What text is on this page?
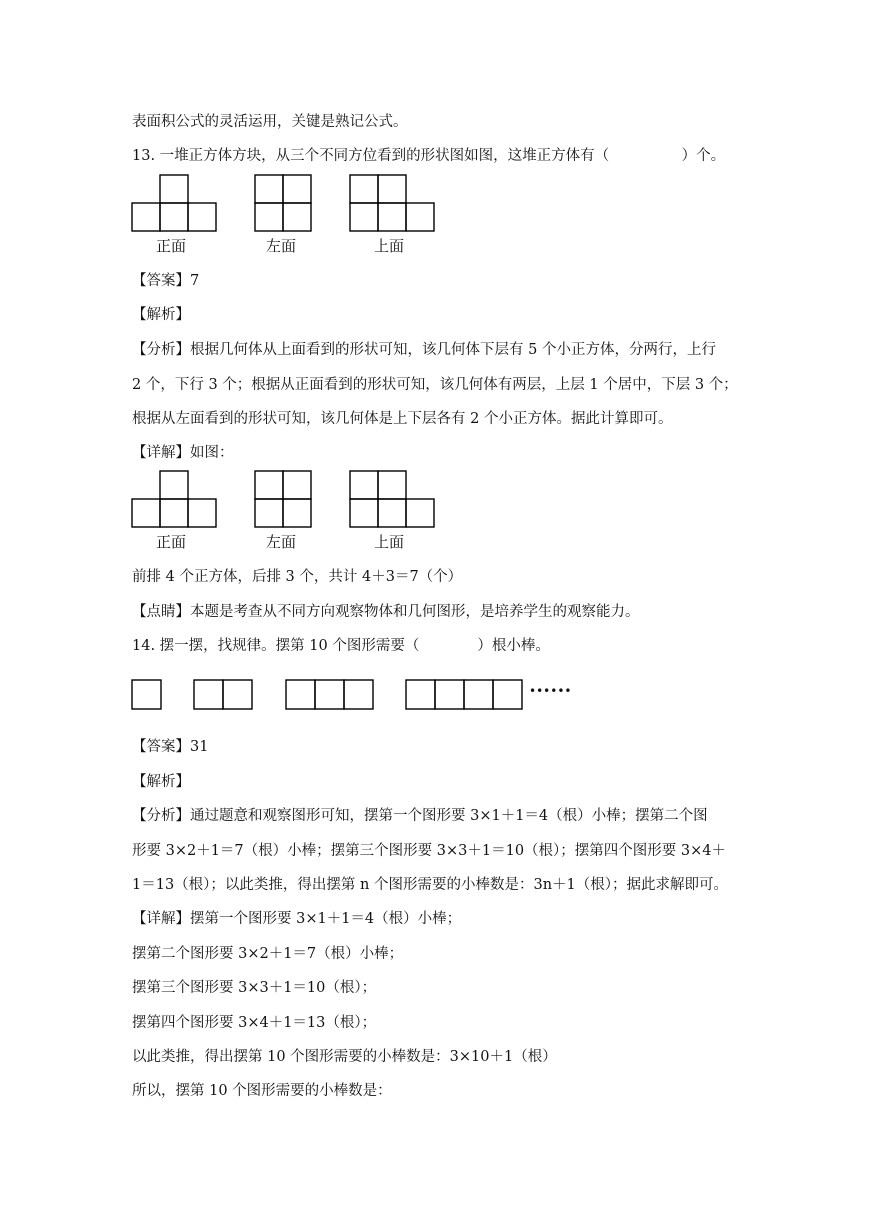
表面积公式的灵活运用，关键是熟记公式。
13. 一堆正方体方块，从三个不同方位看到的形状图如图，这堆正方体有（　　　　　）个。
正面	左面	上面
【答案】7
【解析】
【分析】根据几何体从上面看到的形状可知，该几何体下层有 5 个小正方体，分两行，上行
2 个，下行 3 个；根据从正面看到的形状可知，该几何体有两层，上层 1 个居中，下层 3 个；
根据从左面看到的形状可知，该几何体是上下层各有 2 个小正方体。据此计算即可。
【详解】如图：
正面	左面	上面
前排 4 个正方体，后排 3 个，共计 4＋3＝7（个）
【点睛】本题是考查从不同方向观察物体和几何图形，是培养学生的观察能力。
14. 摆一摆，找规律。摆第 10 个图形需要（　　　　）根小棒。
••••••
【答案】31
【解析】
【分析】通过题意和观察图形可知，摆第一个图形要 3×1＋1＝4（根）小棒；摆第二个图
形要 3×2＋1＝7（根）小棒；摆第三个图形要 3×3＋1＝10（根）；摆第四个图形要 3×4＋
1＝13（根）；以此类推，得出摆第 n 个图形需要的小棒数是：3n＋1（根）；据此求解即可。
【详解】摆第一个图形要 3×1＋1＝4（根）小棒；
摆第二个图形要 3×2＋1＝7（根）小棒；
摆第三个图形要 3×3＋1＝10（根）；
摆第四个图形要 3×4＋1＝13（根）；
以此类推，得出摆第 10 个图形需要的小棒数是：3×10＋1（根）
所以，摆第 10 个图形需要的小棒数是：
